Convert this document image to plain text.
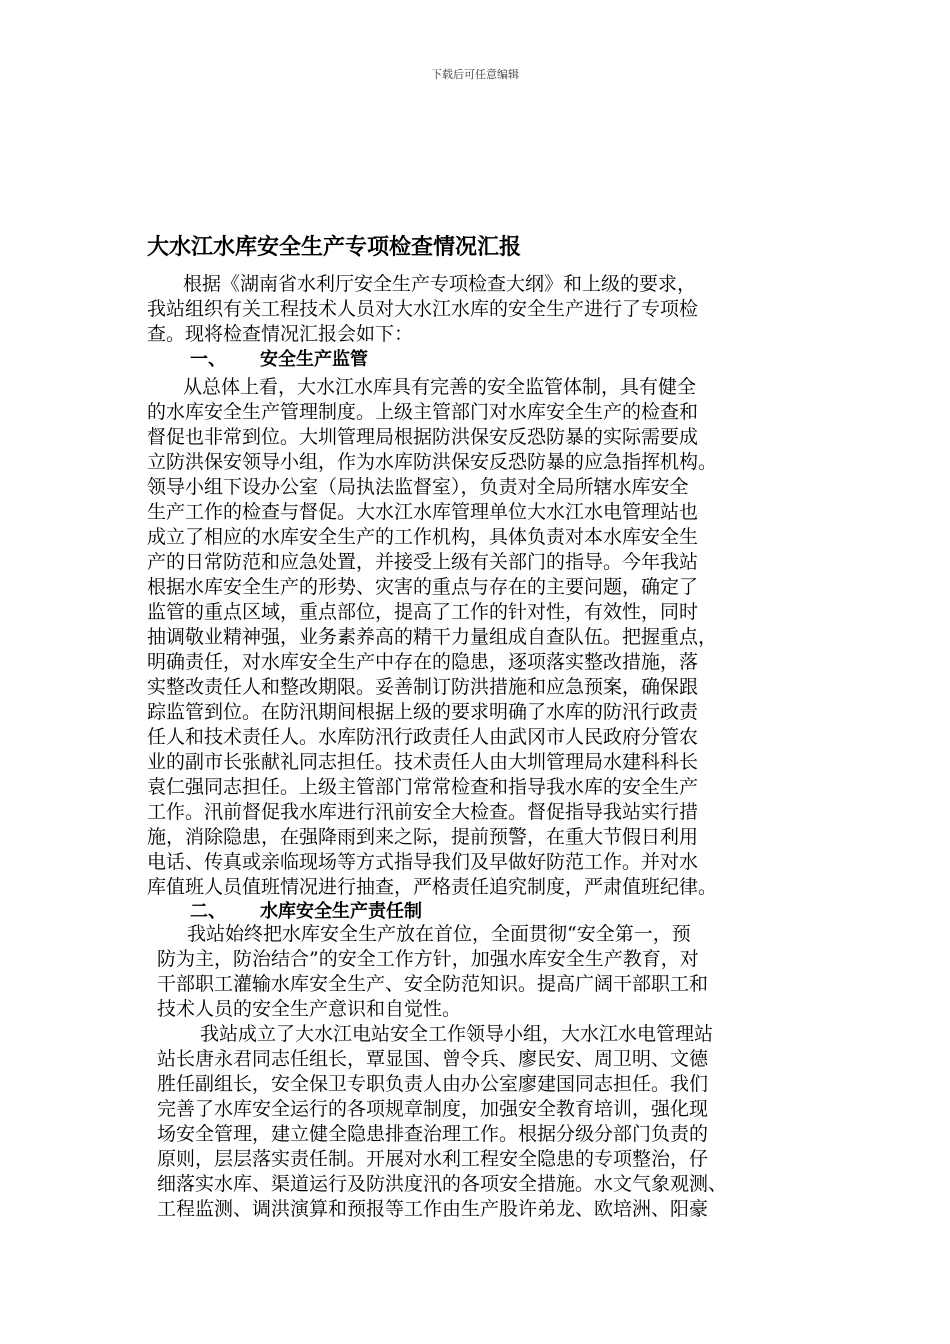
下载后可任意编辑
大水江水库安全生产专项检查情况汇报
根据《湖南省水利厅安全生产专项检查大纲》和上级的要求，
我站组织有关工程技术人员对大水江水库的安全生产进行了专项检
查。现将检查情况汇报会如下：
一、 安全生产监管
从总体上看，大水江水库具有完善的安全监管体制，具有健全
的水库安全生产管理制度。上级主管部门对水库安全生产的检查和
督促也非常到位。大圳管理局根据防洪保安反恐防暴的实际需要成
立防洪保安领导小组，作为水库防洪保安反恐防暴的应急指挥机构。
领导小组下设办公室（局执法监督室），负责对全局所辖水库安全
生产工作的检查与督促。大水江水库管理单位大水江水电管理站也
成立了相应的水库安全生产的工作机构，具体负责对本水库安全生
产的日常防范和应急处置，并接受上级有关部门的指导。今年我站
根据水库安全生产的形势、灾害的重点与存在的主要问题，确定了
监管的重点区域，重点部位，提高了工作的针对性，有效性，同时
抽调敬业精神强，业务素养高的精干力量组成自查队伍。把握重点，
明确责任，对水库安全生产中存在的隐患，逐项落实整改措施，落
实整改责任人和整改期限。妥善制订防洪措施和应急预案，确保跟
踪监管到位。在防汛期间根据上级的要求明确了水库的防汛行政责
任人和技术责任人。水库防汛行政责任人由武冈市人民政府分管农
业的副市长张献礼同志担任。技术责任人由大圳管理局水建科科长
袁仁强同志担任。上级主管部门常常检查和指导我水库的安全生产
工作。汛前督促我水库进行汛前安全大检查。督促指导我站实行措
施，消除隐患，在强降雨到来之际，提前预警，在重大节假日利用
电话、传真或亲临现场等方式指导我们及早做好防范工作。并对水
库值班人员值班情况进行抽查，严格责任追究制度，严肃值班纪律。
二、 水库安全生产责任制
我站始终把水库安全生产放在首位，全面贯彻“安全第一，预
防为主，防治结合”的安全工作方针，加强水库安全生产教育，对
干部职工灌输水库安全生产、安全防范知识。提高广阔干部职工和
技术人员的安全生产意识和自觉性。
我站成立了大水江电站安全工作领导小组，大水江水电管理站
站长唐永君同志任组长，覃显国、曾令兵、廖民安、周卫明、文德
胜任副组长，安全保卫专职负责人由办公室廖建国同志担任。我们
完善了水库安全运行的各项规章制度，加强安全教育培训，强化现
场安全管理，建立健全隐患排查治理工作。根据分级分部门负责的
原则，层层落实责任制。开展对水利工程安全隐患的专项整治，仔
细落实水库、渠道运行及防洪度汛的各项安全措施。水文气象观测、
工程监测、调洪演算和预报等工作由生产股许弟龙、欧培洲、阳豪
